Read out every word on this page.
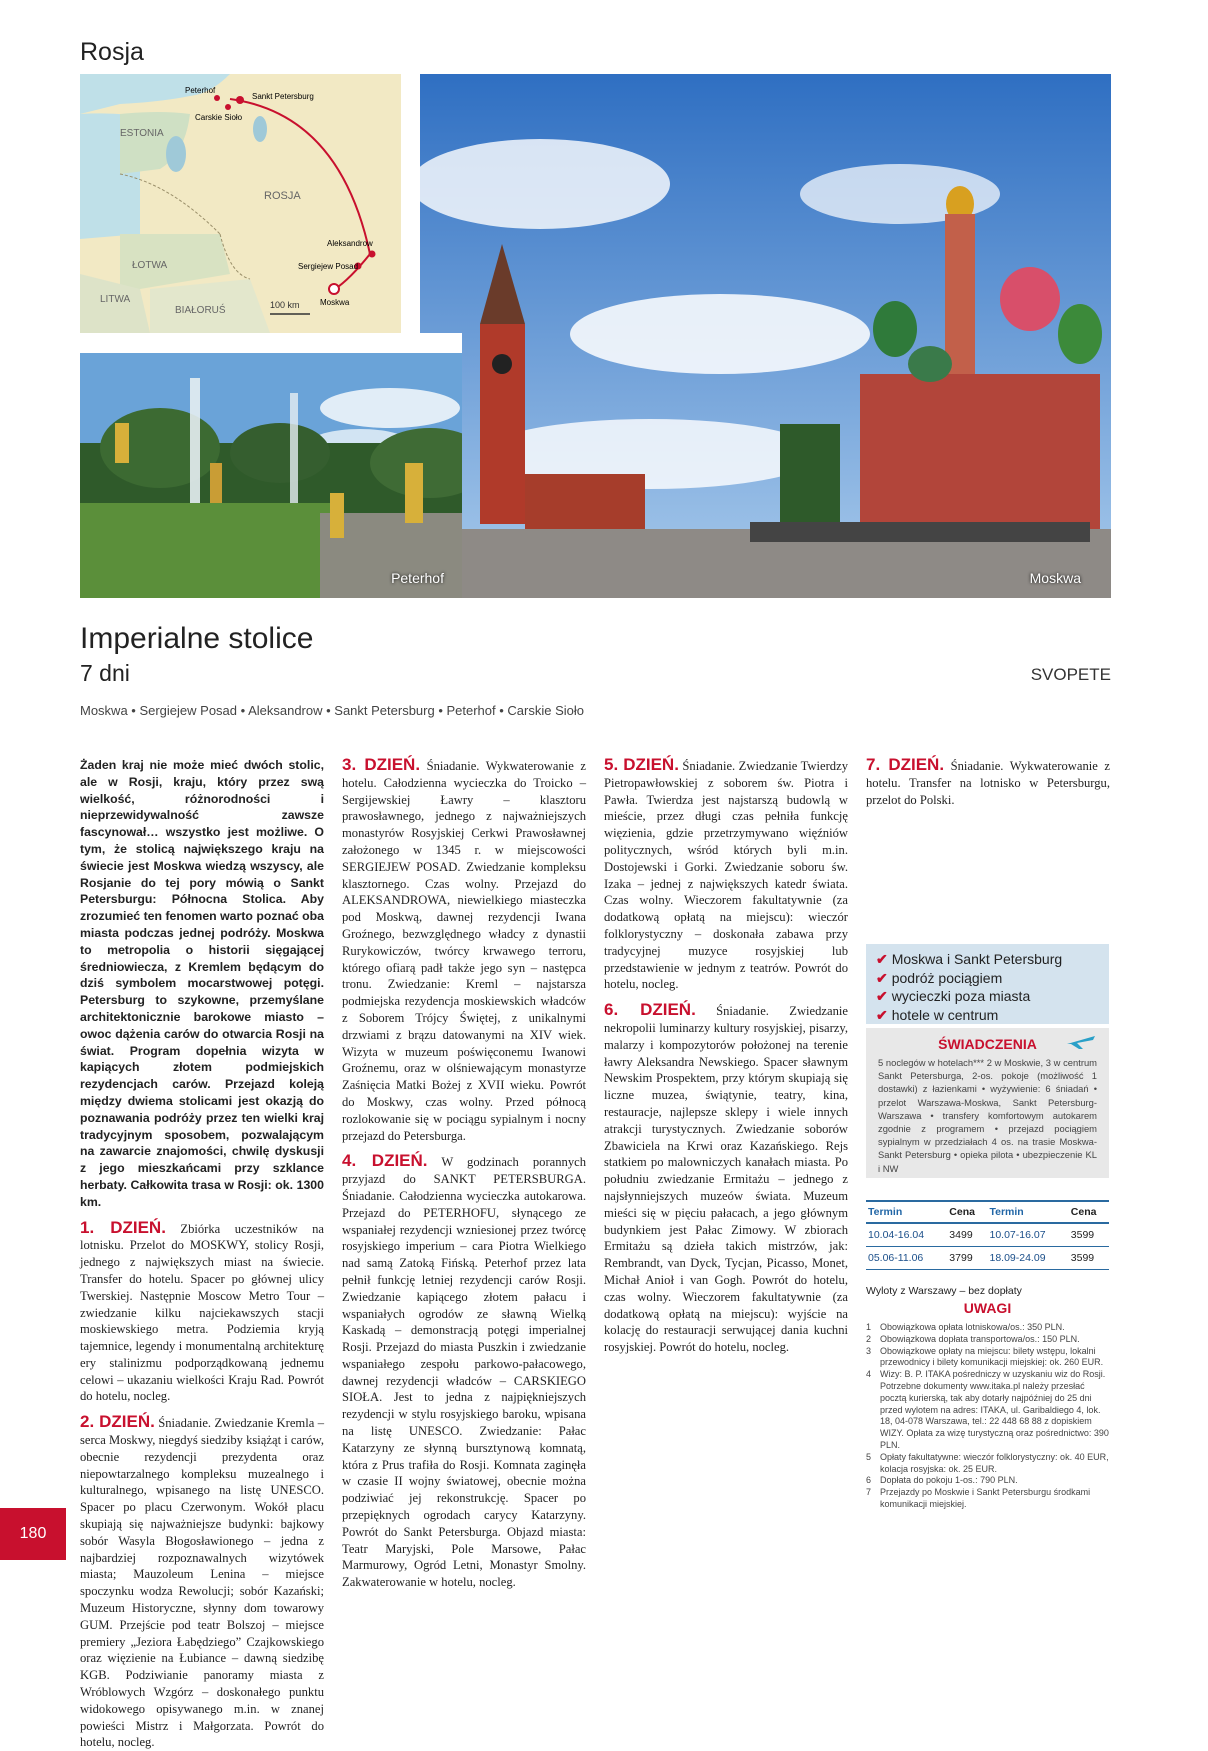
Rosja
Peterhof
Sankt Petersburg
Carskie Sioło
Aleksandrow
Sergiejew Posad
Moskwa
ESTONIA
ROSJA
ŁOTWA
LITWA
BIAŁORUŚ	100 km
Moskwa
Peterhof
Imperialne stolice
7 dni	SVOPETE
Moskwa • Sergiejew Posad • Aleksandrow • Sankt Petersburg • Peterhof • Carskie Sioło

Żaden kraj nie może mieć dwóch stolic, ale w Rosji, kraju, który przez swą wielkość, różnorodności i nieprzewidywalność zawsze fascynował… wszystko jest możliwe. O tym, że stolicą największego kraju na świecie jest Moskwa wiedzą wszyscy, ale Rosjanie do tej pory mówią o Sankt Petersburgu: Północna Stolica. Aby zrozumieć ten fenomen warto poznać oba miasta podczas jednej podróży. Moskwa to metropolia o historii sięgającej średniowiecza, z Kremlem będącym do dziś symbolem mocarstwowej potęgi. Petersburg to szykowne, przemyślane architektonicznie barokowe miasto – owoc dążenia carów do otwarcia Rosji na świat. Program dopełnia wizyta w kapiących złotem podmiejskich rezydencjach carów. Przejazd koleją między dwiema stolicami jest okazją do poznawania podróży przez ten wielki kraj tradycyjnym sposobem, pozwalającym na zawarcie znajomości, chwilę dyskusji z jego mieszkańcami przy szklance herbaty. Całkowita trasa w Rosji: ok. 1300 km.

1. DZIEŃ. Zbiórka uczestników na lotnisku. Przelot do MOSKWY, stolicy Rosji, jednego z największych miast na świecie. Transfer do hotelu. Spacer po głównej ulicy Twerskiej. Następnie Moscow Metro Tour – zwiedzanie kilku najciekawszych stacji moskiewskiego metra. Podziemia kryją tajemnice, legendy i monumentalną architekturę ery stalinizmu podporządkowaną jednemu celowi – ukazaniu wielkości Kraju Rad. Powrót do hotelu, nocleg.
2. DZIEŃ. Śniadanie. Zwiedzanie Kremla – serca Moskwy, niegdyś siedziby książąt i carów, obecnie rezydencji prezydenta oraz niepowtarzalnego kompleksu muzealnego i kulturalnego, wpisanego na listę UNESCO. Spacer po placu Czerwonym. Wokół placu skupiają się najważniejsze budynki: bajkowy sobór Wasyla Błogosławionego – jedna z najbardziej rozpoznawalnych wizytówek miasta; Mauzoleum Lenina – miejsce spoczynku wodza Rewolucji; sobór Kazański; Muzeum Historyczne, słynny dom towarowy GUM. Przejście pod teatr Bolszoj – miejsce premiery „Jeziora Łabędziego” Czajkowskiego oraz więzienie na Łubiance – dawną siedzibę KGB. Podziwianie panoramy miasta z Wróblowych Wzgórz – doskonałego punktu widokowego opisywanego m.in. w znanej powieści Mistrz i Małgorzata. Powrót do hotelu, nocleg.
3. DZIEŃ. Śniadanie. Wykwaterowanie z hotelu. Całodzienna wycieczka do Troicko – Sergijewskiej Ławry – klasztoru prawosławnego, jednego z najważniejszych monastyrów Rosyjskiej Cerkwi Prawosławnej założonego w 1345 r. w miejscowości SERGIEJEW POSAD. Zwiedzanie kompleksu klasztornego. Czas wolny. Przejazd do ALEKSANDROWA, niewielkiego miasteczka pod Moskwą, dawnej rezydencji Iwana Groźnego, bezwzględnego władcy z dynastii Rurykowiczów, twórcy krwawego terroru, którego ofiarą padł także jego syn – następca tronu. Zwiedzanie: Kreml – najstarsza podmiejska rezydencja moskiewskich władców z Soborem Trójcy Świętej, z unikalnymi drzwiami z brązu datowanymi na XIV wiek. Wizyta w muzeum poświęconemu Iwanowi Groźnemu, oraz w olśniewającym monastyrze Zaśnięcia Matki Bożej z XVII wieku. Powrót do Moskwy, czas wolny. Przed północą rozlokowanie się w pociągu sypialnym i nocny przejazd do Petersburga.
4. DZIEŃ. W godzinach porannych przyjazd do SANKT PETERSBURGA. Śniadanie. Całodzienna wycieczka autokarowa. Przejazd do PETERHOFU, słynącego ze wspaniałej rezydencji wzniesionej przez twórcę rosyjskiego imperium – cara Piotra Wielkiego nad samą Zatoką Fińską. Peterhof przez lata pełnił funkcję letniej rezydencji carów Rosji. Zwiedzanie kapiącego złotem pałacu i wspaniałych ogrodów ze sławną Wielką Kaskadą – demonstracją potęgi imperialnej Rosji. Przejazd do miasta Puszkin i zwiedzanie wspaniałego zespołu parkowo-pałacowego, dawnej rezydencji władców – CARSKIEGO SIOŁA. Jest to jedna z najpiękniejszych rezydencji w stylu rosyjskiego baroku, wpisana na listę UNESCO. Zwiedzanie: Pałac Katarzyny ze słynną bursztynową komnatą, która z Prus trafiła do Rosji. Komnata zaginęła w czasie II wojny światowej, obecnie można podziwiać jej rekonstrukcję. Spacer po przepięknych ogrodach carycy Katarzyny. Powrót do Sankt Petersburga. Objazd miasta: Teatr Maryjski, Pole Marsowe, Pałac Marmurowy, Ogród Letni, Monastyr Smolny. Zakwaterowanie w hotelu, nocleg.
5. DZIEŃ. Śniadanie. Zwiedzanie Twierdzy Pietropawłowskiej z soborem św. Piotra i Pawła. Twierdza jest najstarszą budowlą w mieście, przez długi czas pełniła funkcję więzienia, gdzie przetrzymywano więźniów politycznych, wśród których byli m.in. Dostojewski i Gorki. Zwiedzanie soboru św. Izaka – jednej z największych katedr świata. Czas wolny. Wieczorem fakultatywnie (za dodatkową opłatą na miejscu): wieczór folklorystyczny – doskonała zabawa przy tradycyjnej muzyce rosyjskiej lub przedstawienie w jednym z teatrów. Powrót do hotelu, nocleg.
6. DZIEŃ. Śniadanie. Zwiedzanie nekropolii luminarzy kultury rosyjskiej, pisarzy, malarzy i kompozytorów położonej na terenie ławry Aleksandra Newskiego. Spacer sławnym Newskim Prospektem, przy którym skupiają się liczne muzea, świątynie, teatry, kina, restauracje, najlepsze sklepy i wiele innych atrakcji turystycznych. Zwiedzanie soborów Zbawiciela na Krwi oraz Kazańskiego. Rejs statkiem po malowniczych kanałach miasta. Po południu zwiedzanie Ermitażu – jednego z najsłynniejszych muzeów świata. Muzeum mieści się w pięciu pałacach, a jego głównym budynkiem jest Pałac Zimowy. W zbiorach Ermitażu są dzieła takich mistrzów, jak: Rembrandt, van Dyck, Tycjan, Picasso, Monet, Michał Anioł i van Gogh. Powrót do hotelu, czas wolny. Wieczorem fakultatywnie (za dodatkową opłatą na miejscu): wyjście na kolację do restauracji serwującej dania kuchni rosyjskiej. Powrót do hotelu, nocleg.
7. DZIEŃ. Śniadanie. Wykwaterowanie z hotelu. Transfer na lotnisko w Petersburgu, przelot do Polski.
✔ Moskwa i Sankt Petersburg
✔ podróż pociągiem
✔ wycieczki poza miasta
✔ hotele w centrum
ŚWIADCZENIA
5 noclegów w hotelach*** 2 w Moskwie, 3 w centrum Sankt Petersburga, 2-os. pokoje (możliwość 1 dostawki) z łazienkami • wyżywienie: 6 śniadań • przelot Warszawa-Moskwa, Sankt Petersburg-Warszawa • transfery komfortowym autokarem zgodnie z programem • przejazd pociągiem sypialnym w przedziałach 4 os. na trasie Moskwa-Sankt Petersburg • opieka pilota • ubezpieczenie KL i NW
Termin	Cena	Termin	Cena
10.04-16.04	3499	10.07-16.07	3599
05.06-11.06	3799	18.09-24.09	3599
Wyloty z Warszawy – bez dopłaty
UWAGI
1 Obowiązkowa opłata lotniskowa/os.: 350 PLN.
2 Obowiązkowa dopłata transportowa/os.: 150 PLN.
3 Obowiązkowe opłaty na miejscu: bilety wstępu, lokalni przewodnicy i bilety komunikacji miejskiej: ok. 260 EUR.
4 Wizy: B. P. ITAKA pośredniczy w uzyskaniu wiz do Rosji. Potrzebne dokumenty www.itaka.pl należy przesłać pocztą kurierską, tak aby dotarły najpóźniej do 25 dni przed wylotem na adres: ITAKA, ul. Garibaldiego 4, lok. 18, 04-078 Warszawa, tel.: 22 448 68 88 z dopiskiem WIZY. Opłata za wizę turystyczną oraz pośrednictwo: 390 PLN.
5 Opłaty fakultatywne: wieczór folklorystyczny: ok. 40 EUR, kolacja rosyjska: ok. 25 EUR.
6 Dopłata do pokoju 1-os.: 790 PLN.
7 Przejazdy po Moskwie i Sankt Petersburgu środkami komunikacji miejskiej.
180
